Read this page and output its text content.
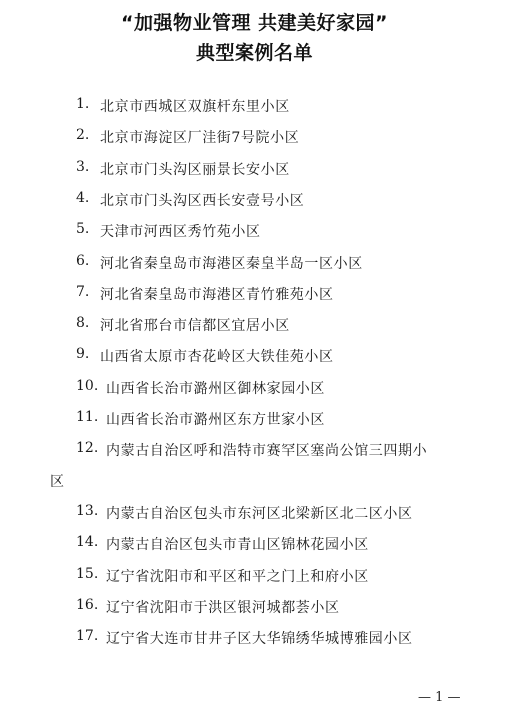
“加强物业管理 共建美好家园”
典型案例名单
1. 北京市西城区双旗杆东里小区
2. 北京市海淀区厂洼街7号院小区
3. 北京市门头沟区丽景长安小区
4. 北京市门头沟区西长安壹号小区
5. 天津市河西区秀竹苑小区
6. 河北省秦皇岛市海港区秦皇半岛一区小区
7. 河北省秦皇岛市海港区青竹雅苑小区
8. 河北省邢台市信都区宜居小区
9. 山西省太原市杏花岭区大铁佳苑小区
10. 山西省长治市潞州区御林家园小区
11. 山西省长治市潞州区东方世家小区
12. 内蒙古自治区呼和浩特市赛罕区塞尚公馆三四期小
区
13. 内蒙古自治区包头市东河区北梁新区北二区小区
14. 内蒙古自治区包头市青山区锦林花园小区
15. 辽宁省沈阳市和平区和平之门上和府小区
16. 辽宁省沈阳市于洪区银河城都荟小区
17. 辽宁省大连市甘井子区大华锦绣华城博雅园小区
— 1 —
